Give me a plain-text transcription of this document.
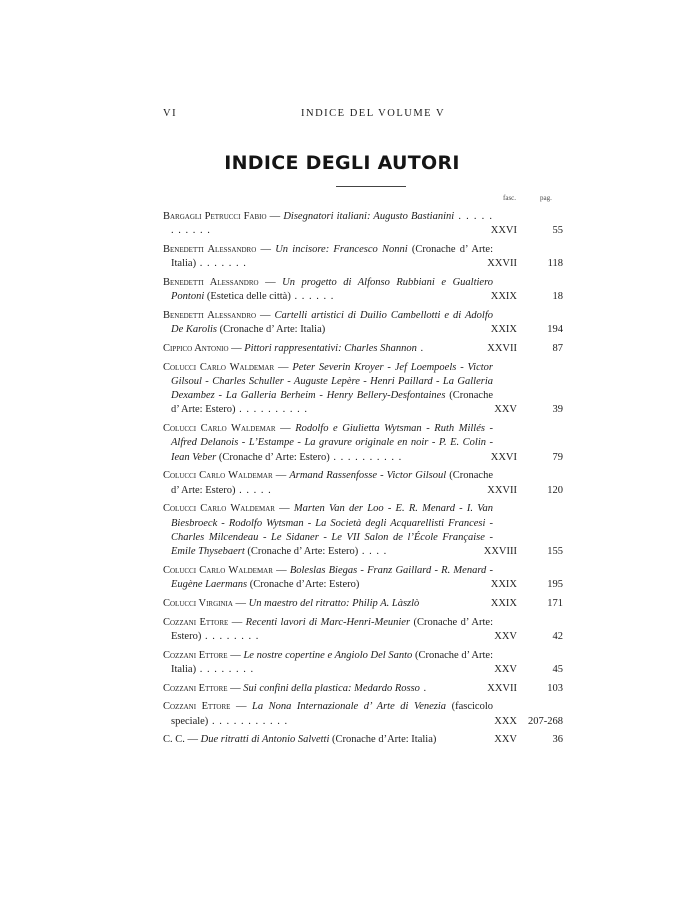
VI	INDICE DEL VOLUME V
INDICE DEGLI AUTORI
fasc.	pag.
Bargagli Petrucci Fabio — Disegnatori italiani: Augusto Bastianini . . . . . . . . . . .	XXVI	55
Benedetti Alessandro — Un incisore: Francesco Nonni (Cronache d’ Arte: Italia) . . . . . . .	XXVII	118
Benedetti Alessandro — Un progetto di Alfonso Rubbiani e Gualtiero Pontoni (Estetica delle città) . . . . . .	XXIX	18
Benedetti Alessandro — Cartelli artistici di Duilio Cambellotti e di Adolfo De Karolis (Cronache d’ Arte: Italia)	XXIX	194
Cippico Antonio — Pittori rappresentativi: Charles Shannon .	XXVII	87
Colucci Carlo Waldemar — Peter Severin Kroyer - Jef Loempoels - Victor Gilsoul - Charles Schuller - Auguste Lepère - Henri Paillard - La Galleria Dexambez - La Galleria Berheim - Henry Bellery-Desfontaines (Cronache d’ Arte: Estero) . . . . . . . . . .	XXV	39
Colucci Carlo Waldemar — Rodolfo e Giulietta Wytsman - Ruth Millés - Alfred Delanois - L’Estampe - La gravure originale en noir - P. E. Colin - Iean Veber (Cronache d’ Arte: Estero) . . . . . . . . . .	XXVI	79
Colucci Carlo Waldemar — Armand Rassenfosse - Victor Gilsoul (Cronache d’ Arte: Estero) . . . . .	XXVII	120
Colucci Carlo Waldemar — Marten Van der Loo - E. R. Menard - I. Van Biesbroeck - Rodolfo Wytsman - La Società degli Acquarellisti Francesi - Charles Milcendeau - Le Sidaner - Le VII Salon de l’École Française - Emile Thysebaert (Cronache d’ Arte: Estero) . . . .	XXVIII	155
Colucci Carlo Waldemar — Boleslas Biegas - Franz Gaillard - R. Menard - Eugène Laermans (Cronache d’Arte: Estero)	XXIX	195
Colucci Virginia — Un maestro del ritratto: Philip A. Làszlò	XXIX	171
Cozzani Ettore — Recenti lavori di Marc-Henri-Meunier (Cronache d’ Arte: Estero) . . . . . . . .	XXV	42
Cozzani Ettore — Le nostre copertine e Angiolo Del Santo (Cronache d’ Arte: Italia) . . . . . . . .	XXV	45
Cozzani Ettore — Sui confini della plastica: Medardo Rosso .	XXVII	103
Cozzani Ettore — La Nona Internazionale d’ Arte di Venezia (fascicolo speciale) . . . . . . . . . . .	XXX	207-268
C. C. — Due ritratti di Antonio Salvetti (Cronache d’Arte: Italia)	XXV	36
